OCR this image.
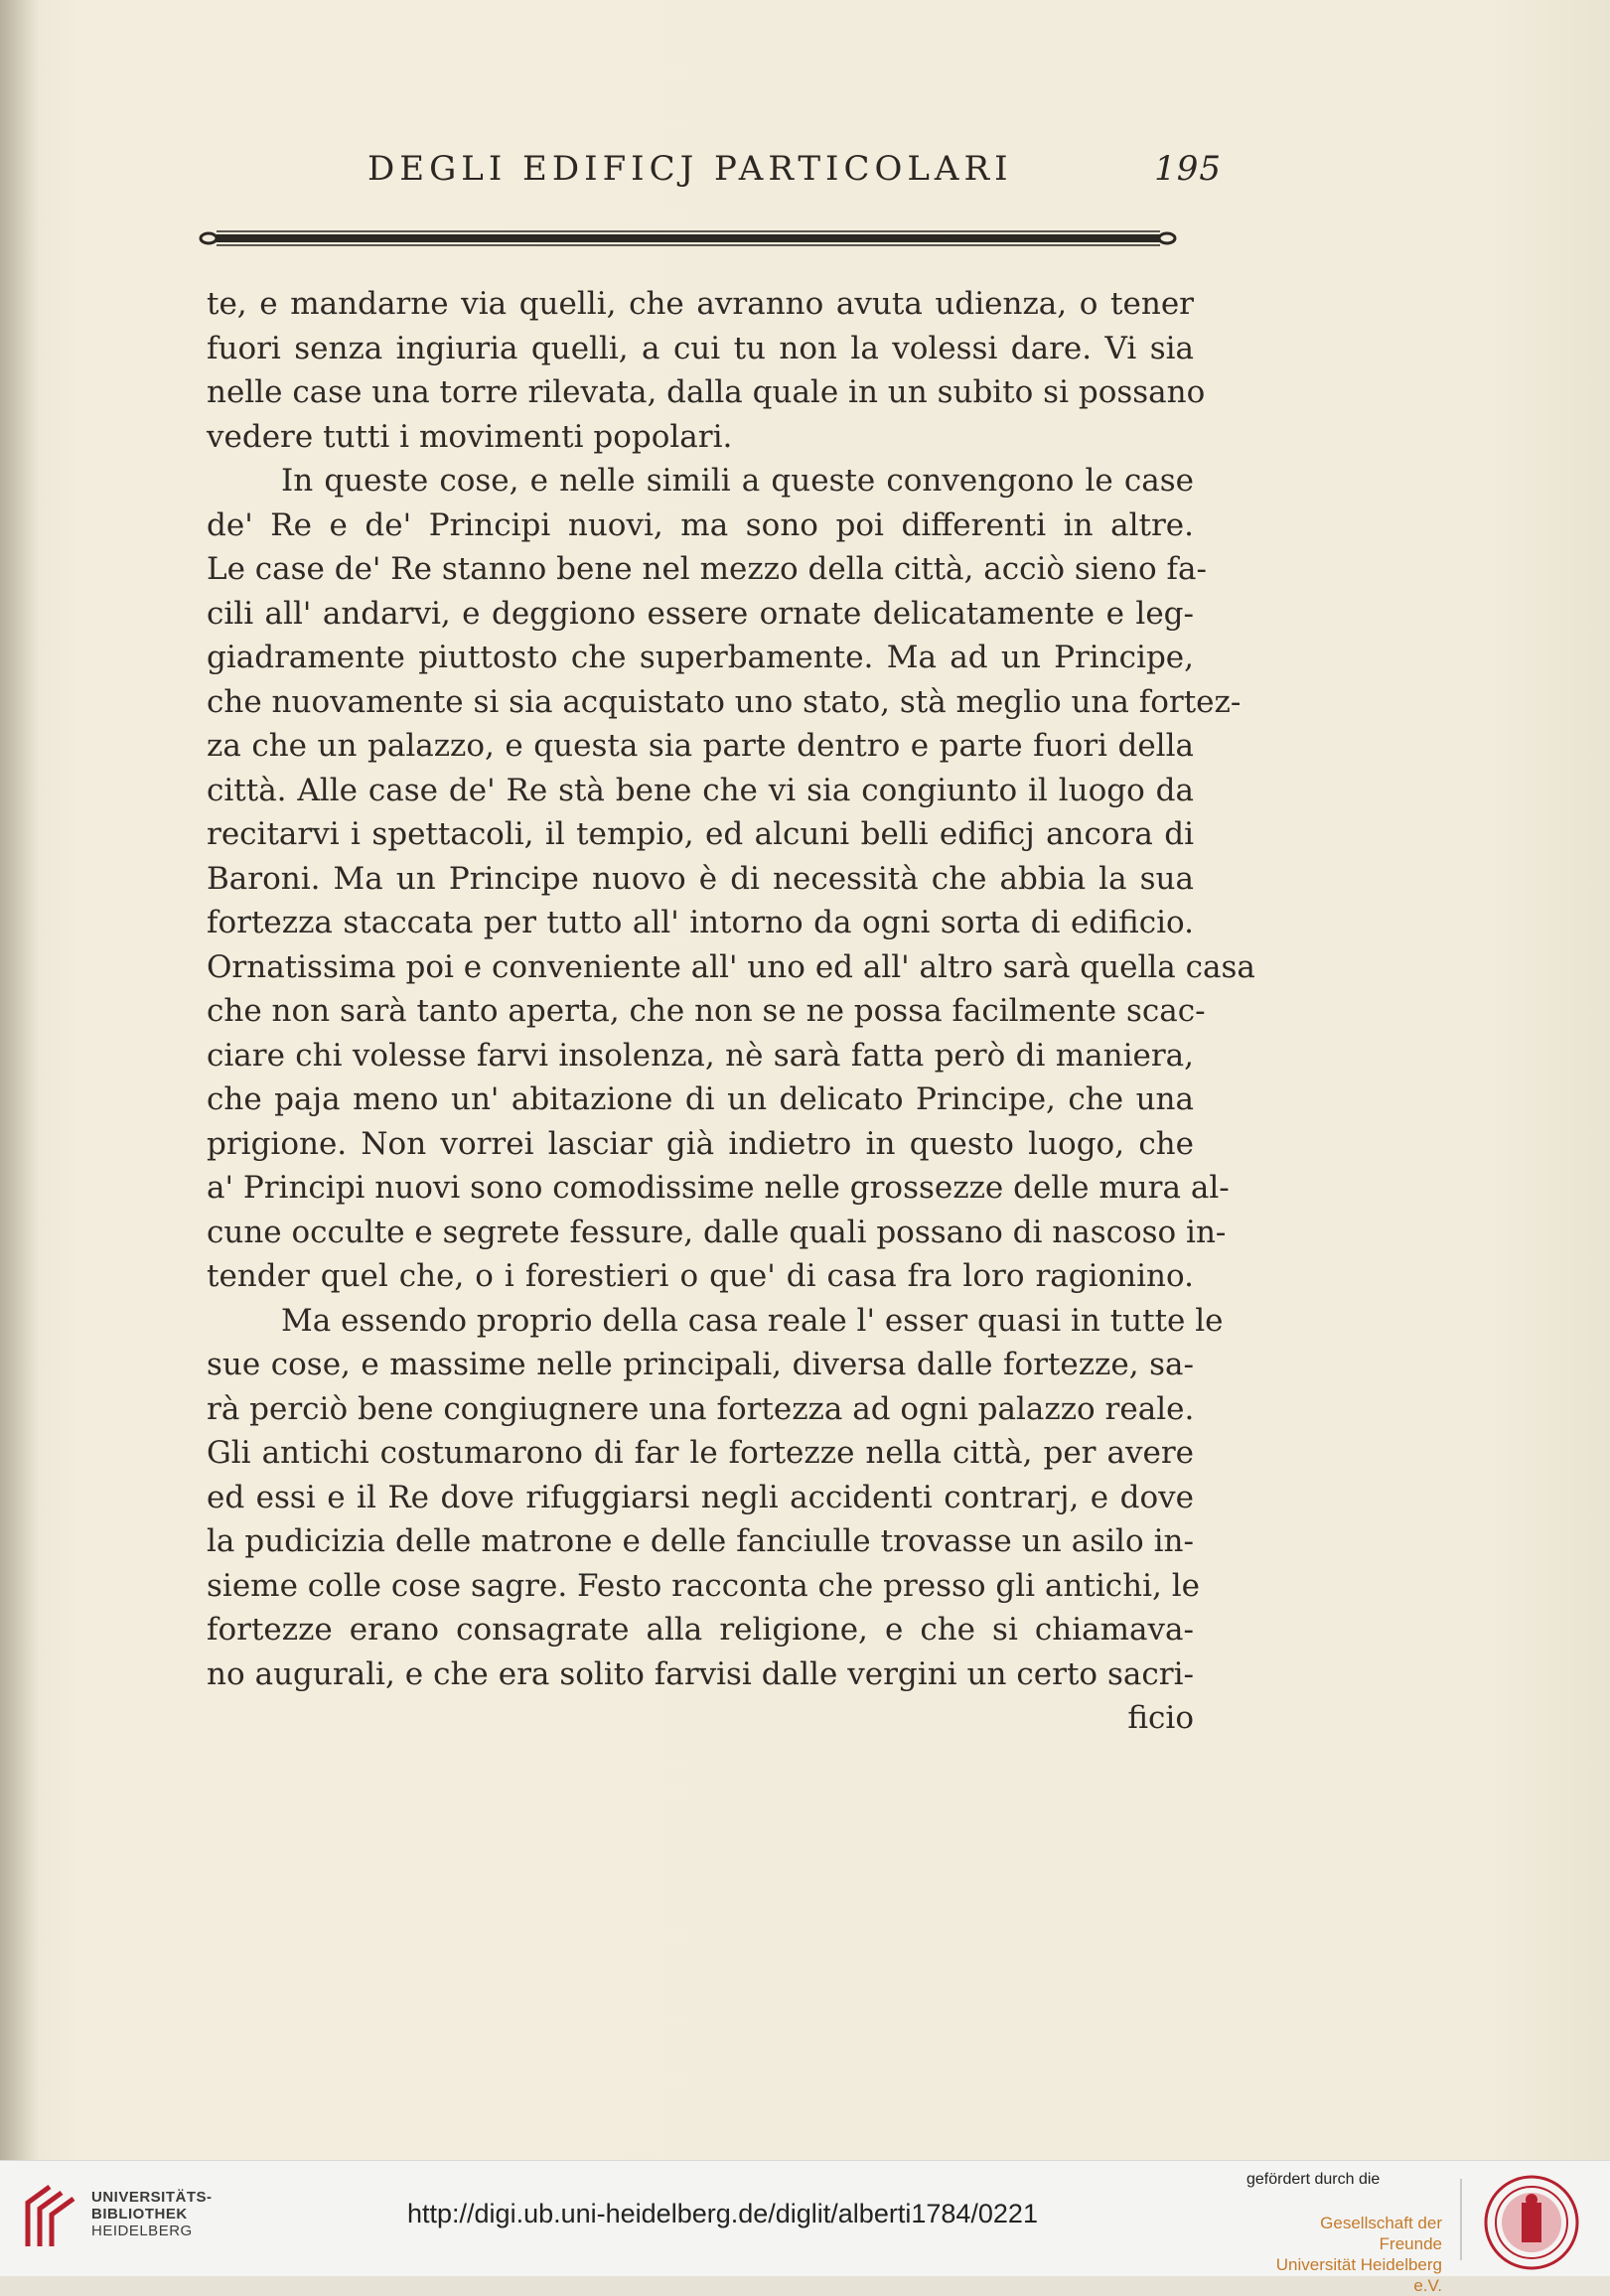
DEGLI EDIFICJ PARTICOLARI	195
te, e mandarne via quelli, che avranno avuta udienza, o tener
fuori senza ingiuria quelli, a cui tu non la volessi dare. Vi sia
nelle case una torre rilevata, dalla quale in un subito si possano
vedere tutti i movimenti popolari.
In queste cose, e nelle simili a queste convengono le case
de' Re e de' Principi nuovi, ma sono poi differenti in altre.
Le case de' Re stanno bene nel mezzo della città, acciò sieno fa-
cili all' andarvi, e deggiono essere ornate delicatamente e leg-
giadramente piuttosto che superbamente. Ma ad un Principe,
che nuovamente si sia acquistato uno stato, stà meglio una fortez-
za che un palazzo, e questa sia parte dentro e parte fuori della
città. Alle case de' Re stà bene che vi sia congiunto il luogo da
recitarvi i spettacoli, il tempio, ed alcuni belli edificj ancora di
Baroni. Ma un Principe nuovo è di necessità che abbia la sua
fortezza staccata per tutto all' intorno da ogni sorta di edificio.
Ornatissima poi e conveniente all' uno ed all' altro sarà quella casa
che non sarà tanto aperta, che non se ne possa facilmente scac-
ciare chi volesse farvi insolenza, nè sarà fatta però di maniera,
che paja meno un' abitazione di un delicato Principe, che una
prigione. Non vorrei lasciar già indietro in questo luogo, che
a' Principi nuovi sono comodissime nelle grossezze delle mura al-
cune occulte e segrete fessure, dalle quali possano di nascoso in-
tender quel che, o i forestieri o que' di casa fra loro ragionino.
Ma essendo proprio della casa reale l' esser quasi in tutte le
sue cose, e massime nelle principali, diversa dalle fortezze, sa-
rà perciò bene congiugnere una fortezza ad ogni palazzo reale.
Gli antichi costumarono di far le fortezze nella città, per avere
ed essi e il Re dove rifuggiarsi negli accidenti contrarj, e dove
la pudicizia delle matrone e delle fanciulle trovasse un asilo in-
sieme colle cose sagre. Festo racconta che presso gli antichi, le
fortezze erano consagrate alla religione, e che si chiamava-
no augurali, e che era solito farvisi dalle vergini un certo sacri-
ficio
UNIVERSITÄTS-
BIBLIOTHEK
HEIDELBERG
http://digi.ub.uni-heidelberg.de/diglit/alberti1784/0221
gefördert durch die
Gesellschaft der Freunde
Universität Heidelberg e.V.
